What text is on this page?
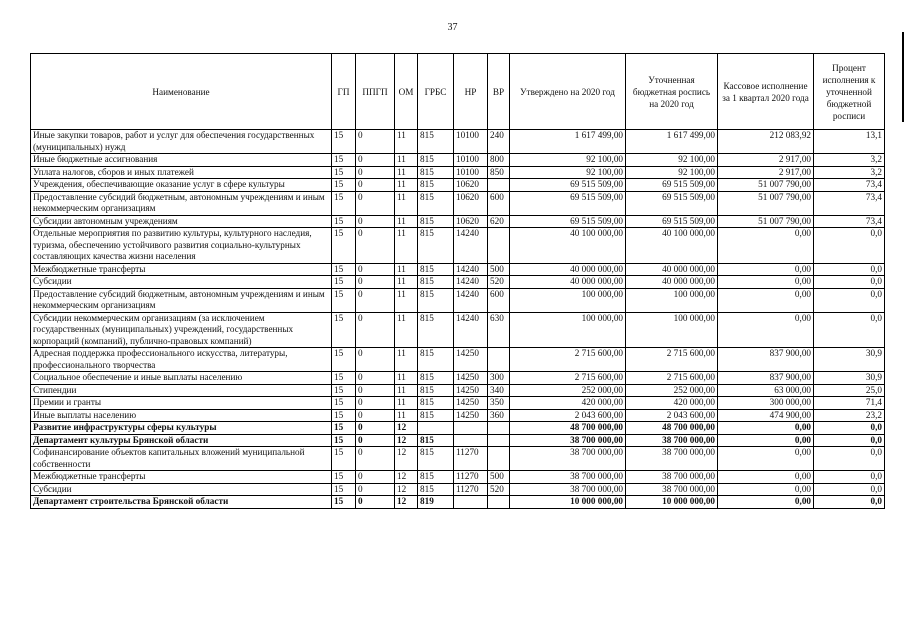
37
Наименование	ГП	ППГП	ОМ	ГРБС	НР	ВР	Утверждено на 2020 год	Уточненная бюджетная роспись на 2020 год	Кассовое исполнение за 1 квартал 2020 года	Процент исполнения к уточненной бюджетной росписи
Иные закупки товаров, работ и услуг для обеспечения государственных (муниципальных) нужд	15	0	11	815	10100	240	1 617 499,00	1 617 499,00	212 083,92	13,1
Иные бюджетные ассигнования	15	0	11	815	10100	800	92 100,00	92 100,00	2 917,00	3,2
Уплата налогов, сборов и иных платежей	15	0	11	815	10100	850	92 100,00	92 100,00	2 917,00	3,2
Учреждения, обеспечивающие оказание услуг в сфере культуры	15	0	11	815	10620		69 515 509,00	69 515 509,00	51 007 790,00	73,4
Предоставление субсидий бюджетным, автономным учреждениям и иным некоммерческим организациям	15	0	11	815	10620	600	69 515 509,00	69 515 509,00	51 007 790,00	73,4
Субсидии автономным учреждениям	15	0	11	815	10620	620	69 515 509,00	69 515 509,00	51 007 790,00	73,4
Отдельные мероприятия по развитию культуры, культурного наследия, туризма, обеспечению устойчивого развития социально-культурных составляющих качества жизни населения	15	0	11	815	14240		40 100 000,00	40 100 000,00	0,00	0,0
Межбюджетные трансферты	15	0	11	815	14240	500	40 000 000,00	40 000 000,00	0,00	0,0
Субсидии	15	0	11	815	14240	520	40 000 000,00	40 000 000,00	0,00	0,0
Предоставление субсидий бюджетным, автономным учреждениям и иным некоммерческим организациям	15	0	11	815	14240	600	100 000,00	100 000,00	0,00	0,0
Субсидии некоммерческим организациям (за исключением государственных (муниципальных) учреждений, государственных корпораций (компаний), публично-правовых компаний)	15	0	11	815	14240	630	100 000,00	100 000,00	0,00	0,0
Адресная поддержка профессионального искусства, литературы, профессионального творчества	15	0	11	815	14250		2 715 600,00	2 715 600,00	837 900,00	30,9
Социальное обеспечение и иные выплаты населению	15	0	11	815	14250	300	2 715 600,00	2 715 600,00	837 900,00	30,9
Стипендии	15	0	11	815	14250	340	252 000,00	252 000,00	63 000,00	25,0
Премии и гранты	15	0	11	815	14250	350	420 000,00	420 000,00	300 000,00	71,4
Иные выплаты населению	15	0	11	815	14250	360	2 043 600,00	2 043 600,00	474 900,00	23,2
Развитие инфраструктуры сферы культуры	15	0	12				48 700 000,00	48 700 000,00	0,00	0,0
Департамент культуры Брянской области	15	0	12	815			38 700 000,00	38 700 000,00	0,00	0,0
Софинансирование объектов капитальных вложений муниципальной собственности	15	0	12	815	11270		38 700 000,00	38 700 000,00	0,00	0,0
Межбюджетные трансферты	15	0	12	815	11270	500	38 700 000,00	38 700 000,00	0,00	0,0
Субсидии	15	0	12	815	11270	520	38 700 000,00	38 700 000,00	0,00	0,0
Департамент строительства Брянской области	15	0	12	819			10 000 000,00	10 000 000,00	0,00	0,0
